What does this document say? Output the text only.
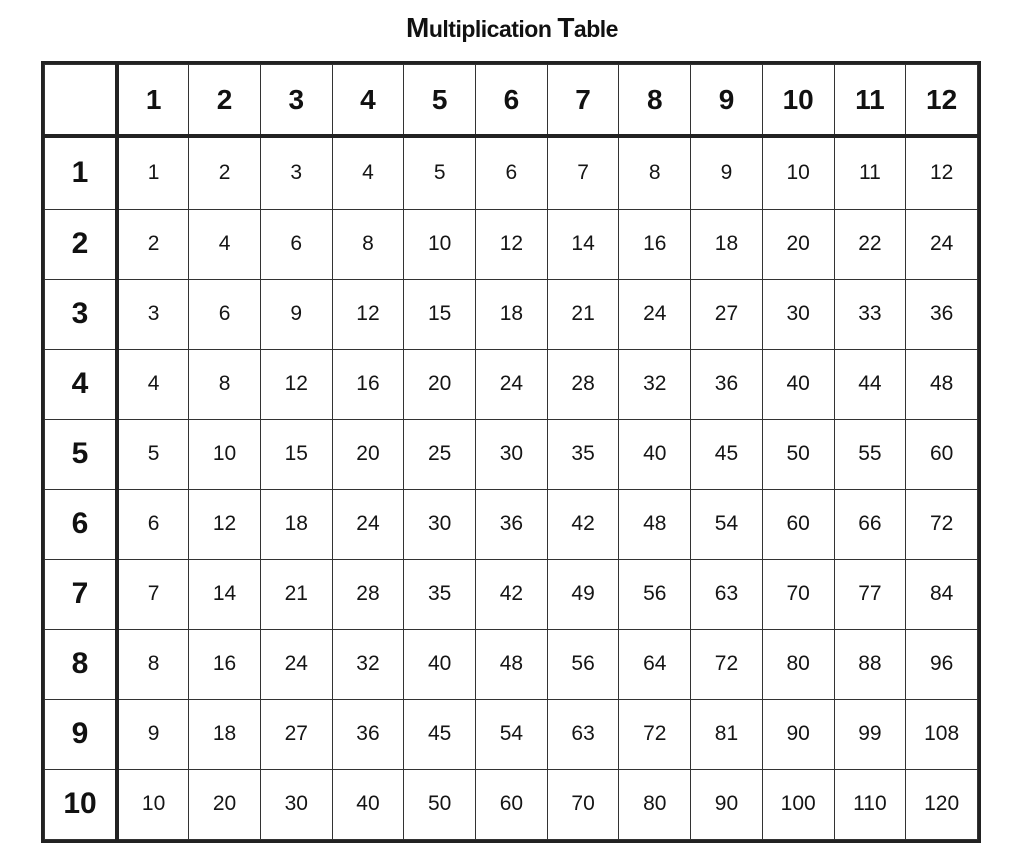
Multiplication Table
	1	2	3	4	5	6	7	8	9	10	11	12
1	1	2	3	4	5	6	7	8	9	10	11	12
2	2	4	6	8	10	12	14	16	18	20	22	24
3	3	6	9	12	15	18	21	24	27	30	33	36
4	4	8	12	16	20	24	28	32	36	40	44	48
5	5	10	15	20	25	30	35	40	45	50	55	60
6	6	12	18	24	30	36	42	48	54	60	66	72
7	7	14	21	28	35	42	49	56	63	70	77	84
8	8	16	24	32	40	48	56	64	72	80	88	96
9	9	18	27	36	45	54	63	72	81	90	99	108
10	10	20	30	40	50	60	70	80	90	100	110	120
